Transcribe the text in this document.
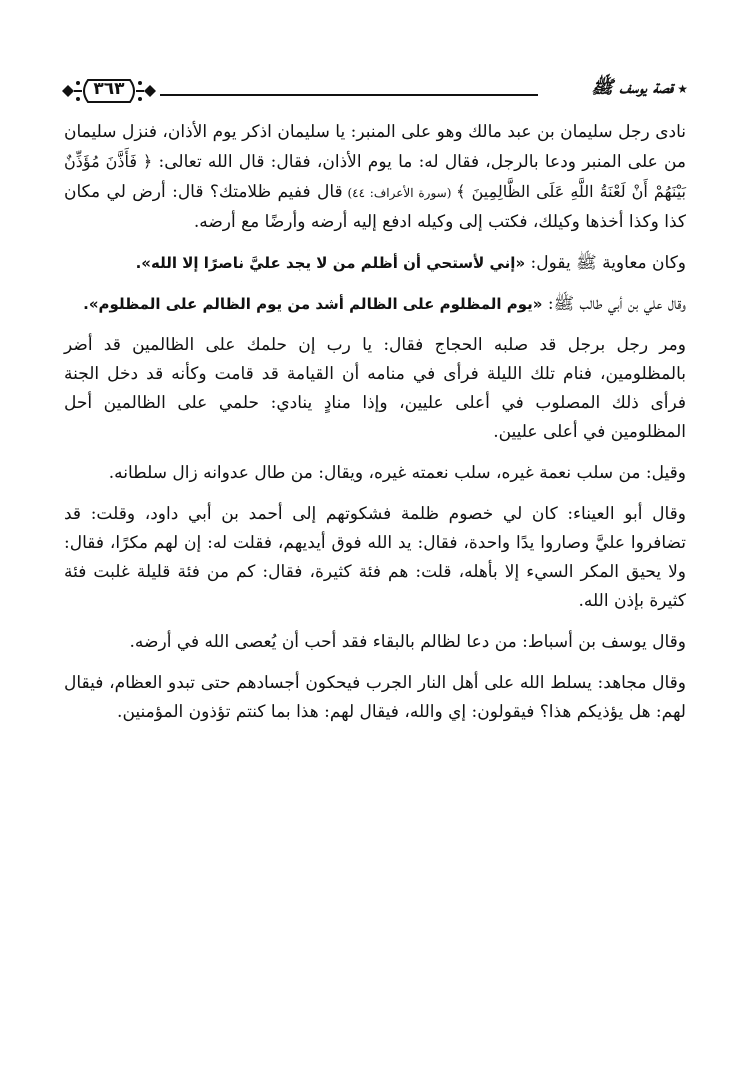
★قصة يوسف ﷺ
٣٦٣

نادى رجل سليمان بن عبد مالك وهو على المنبر: يا سليمان اذكر يوم الأذان، فنزل سليمان من على المنبر ودعا بالرجل، فقال له: ما يوم الأذان، فقال: قال الله تعالى: ﴿ فَأَذَّنَ مُؤَذِّنٌ بَيْنَهُمْ أَنْ لَعْنَةُ اللَّهِ عَلَى الظَّالِمِينَ ﴾ (سورة الأعراف: ٤٤) قال ففيم ظلامتك؟ قال: أرض لي مكان كذا وكذا أخذها وكيلك، فكتب إلى وكيله ادفع إليه أرضه وأرضًا مع أرضه.

وكان معاوية ﷺ يقول: «إني لأستحي أن أظلم من لا يجد عليَّ ناصرًا إلا الله».

وقال علي بن أبي طالب ﷺ: «يوم المظلوم على الظالم أشد من يوم الظالم على المظلوم».

ومر رجل برجل قد صلبه الحجاج فقال: يا رب إن حلمك على الظالمين قد أضر بالمظلومين، فنام تلك الليلة فرأى في منامه أن القيامة قد قامت وكأنه قد دخل الجنة فرأى ذلك المصلوب في أعلى عليين، وإذا منادٍ ينادي: حلمي على الظالمين أحل المظلومين في أعلى عليين.

وقيل: من سلب نعمة غيره، سلب نعمته غيره، ويقال: من طال عدوانه زال سلطانه.

وقال أبو العيناء: كان لي خصوم ظلمة فشكوتهم إلى أحمد بن أبي داود، وقلت: قد تضافروا عليَّ وصاروا يدًا واحدة، فقال: يد الله فوق أيديهم، فقلت له: إن لهم مكرًا، فقال: ولا يحيق المكر السيء إلا بأهله، قلت: هم فئة كثيرة، فقال: كم من فئة قليلة غلبت فئة كثيرة بإذن الله.

وقال يوسف بن أسباط: من دعا لظالم بالبقاء فقد أحب أن يُعصى الله في أرضه.

وقال مجاهد: يسلط الله على أهل النار الجرب فيحكون أجسادهم حتى تبدو العظام، فيقال لهم: هل يؤذيكم هذا؟ فيقولون: إي والله، فيقال لهم: هذا بما كنتم تؤذون المؤمنين.
